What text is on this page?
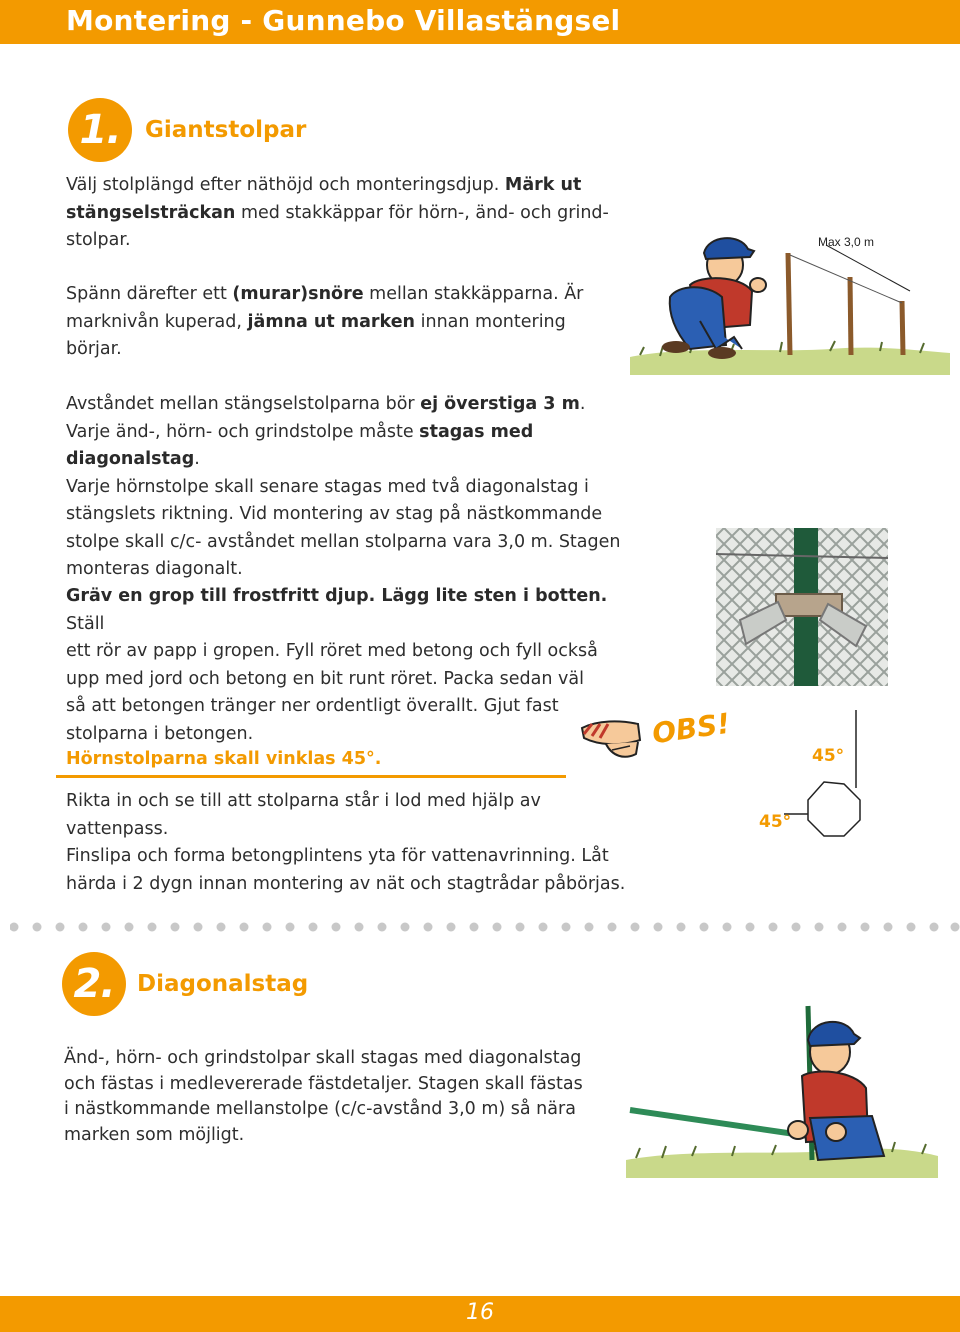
Montering - Gunnebo Villastängsel
1.	Giantstolpar

Välj stolplängd efter näthöjd och monteringsdjup. Märk ut
stängselsträckan med stakkäppar för hörn-, änd- och grind-
stolpar.

Spänn därefter ett (murar)snöre mellan stakkäpparna. Är
marknivån kuperad, jämna ut marken innan montering
börjar.

Avståndet mellan stängselstolparna bör ej överstiga 3 m.
Varje änd-, hörn- och grindstolpe måste stagas med diagonalstag.
Varje hörnstolpe skall senare stagas med två diagonalstag i
stängslets riktning. Vid montering av stag på nästkommande
stolpe skall c/c- avståndet mellan stolparna vara 3,0 m. Stagen
monteras diagonalt.

Gräv en grop till frostfritt djup. Lägg lite sten i botten. Ställ
ett rör av papp i gropen. Fyll röret med betong och fyll också
upp med jord och betong en bit runt röret. Packa sedan väl
så att betongen tränger ner ordentligt överallt. Gjut fast
stolparna i betongen.

Hörnstolparna skall vinklas 45°.
OBS!

Rikta in och se till att stolparna står i lod med hjälp av vattenpass.
Finslipa och forma betongplintens yta för vattenavrinning. Låt
härda i 2 dygn innan montering av nät och stagtrådar påbörjas.

Max 3,0 m
45°
45°
2. Diagonalstag

Änd-, hörn- och grindstolpar skall stagas med diagonalstag
och fästas i medlevererade fästdetaljer. Stagen skall fästas
i nästkommande mellanstolpe (c/c-avstånd 3,0 m) så nära
marken som möjligt.

16
